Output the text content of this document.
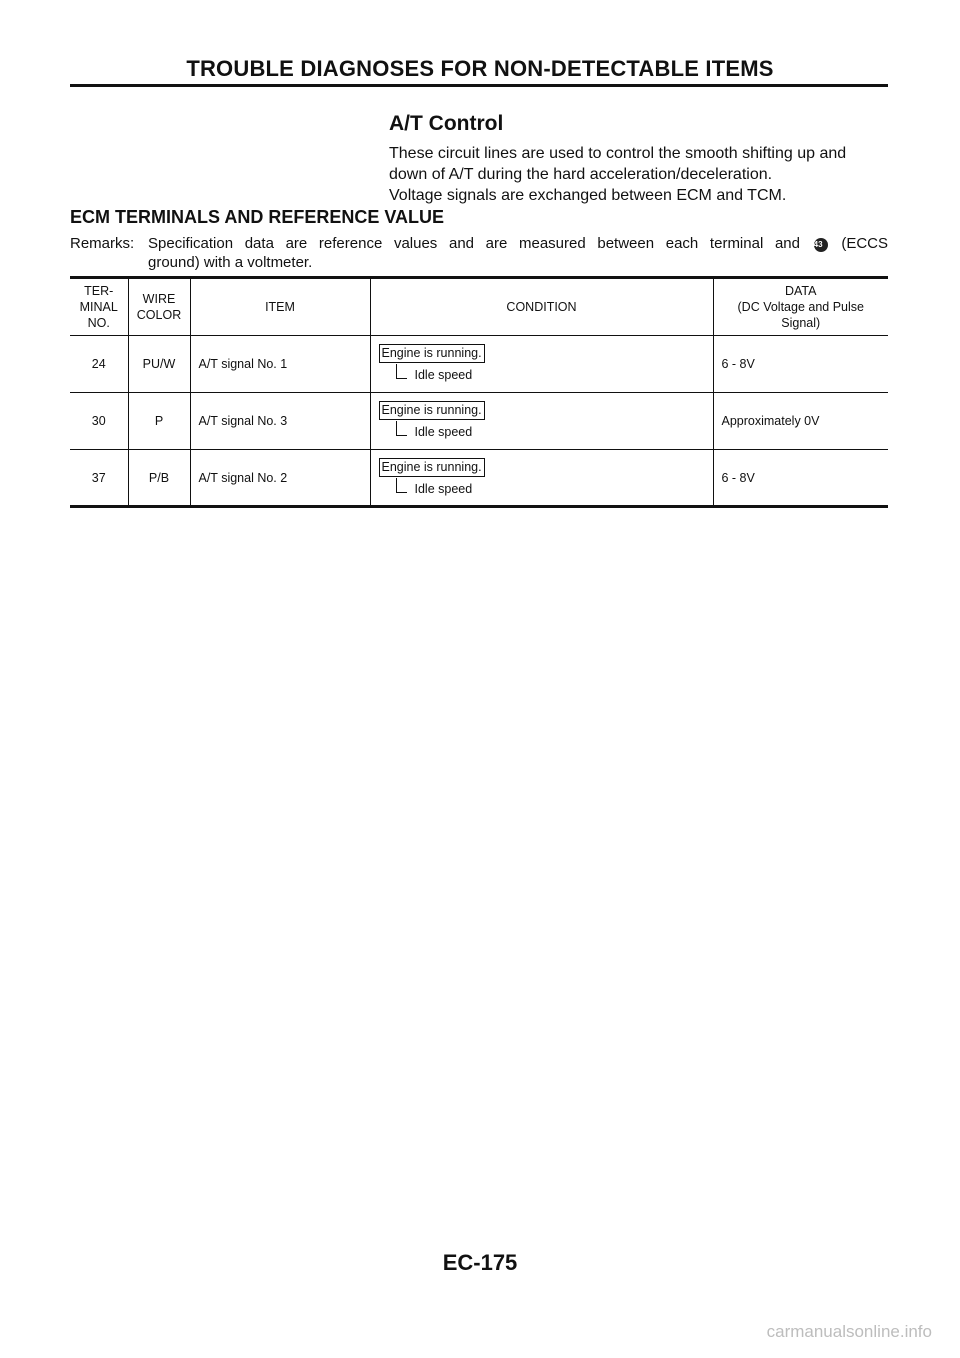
TROUBLE DIAGNOSES FOR NON-DETECTABLE ITEMS
A/T Control

These circuit lines are used to control the smooth shifting up and
down of A/T during the hard acceleration/deceleration.
Voltage signals are exchanged between ECM and TCM.

ECM TERMINALS AND REFERENCE VALUE
Remarks: Specification data are reference values and are measured between each terminal and 43 (ECCS
ground) with a voltmeter.
TER-
MINAL
NO.	WIRE
COLOR	ITEM	CONDITION	DATA
(DC Voltage and Pulse
Signal)
24	PU/W	A/T signal No. 1	Engine is running.
Idle speed	6 - 8V
30	P	A/T signal No. 3	Engine is running.
Idle speed	Approximately 0V
37	P/B	A/T signal No. 2	Engine is running.
Idle speed	6 - 8V
EC-175
carmanualsonline.info
